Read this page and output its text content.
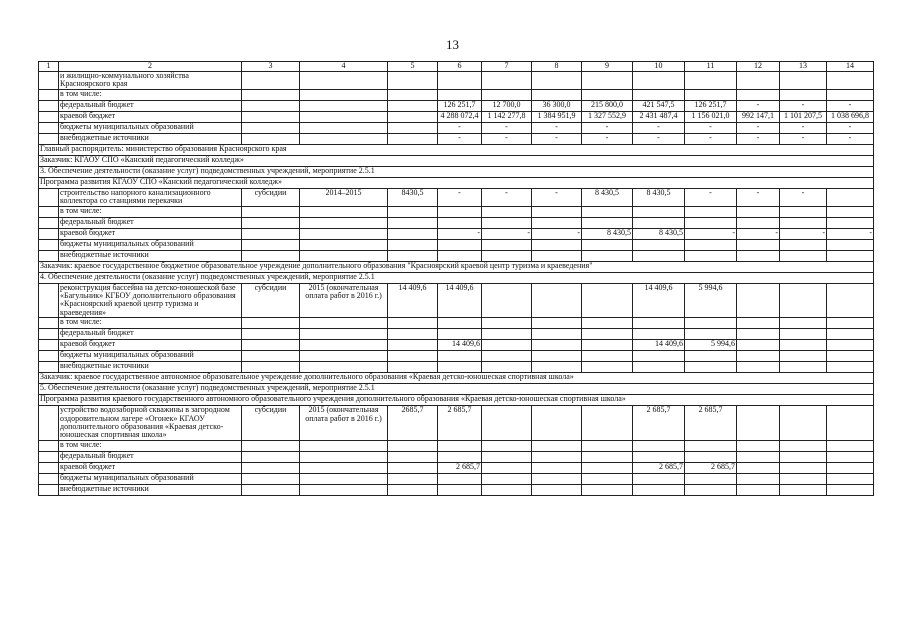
13
1	2	3	4	5	6	7	8	9	10	11	12	13	14
	и жилищно-коммунального хозяйства Красноярского края												
	в том числе:												
	федеральный бюджет				126 251,7	12 700,0	36 300,0	215 800,0	421 547,5	126 251,7	-	-	-
	краевой бюджет				4 288 072,4	1 142 277,8	1 384 951,9	1 327 552,9	2 431 487,4	1 156 021,0	992 147,1	1 101 207,5	1 038 696,8
	бюджеты муниципальных образований				-	-	-	-	-	-	-	-	-
	внебюджетные источники				-	-	-	-	-	-	-	-	-
Главный распорядитель: министерство образования Красноярского края													
Заказчик: КГАОУ СПО «Канский педагогический колледж»													
3. Обеспечение деятельности (оказание услуг) подведомственных учреждений, мероприятие 2.5.1													
Программа развития КГАОУ СПО «Канский педагогический колледж»													
	строительство напорного канализационного коллектора со станциями перекачки	субсидии	2014–2015	8430,5	-	-	-	8 430,5	8 430,5	-	-	-	
	в том числе:												
	федеральный бюджет												
	краевой бюджет				-	-	-	8 430,5	8 430,5	-	-	-	-
	бюджеты муниципальных образований												
	внебюджетные источники												
Заказчик: краевое государственное бюджетное образовательное учреждение дополнительного образования "Красноярский краевой центр туризма и краеведения"													
4. Обеспечение деятельности (оказание услуг) подведомственных учреждений, мероприятие 2.5.1													
	реконструкция бассейна на детско-юношеской базе «Багульник» КГБОУ дополнительного образования «Красноярский краевой центр туризма и краеведения»	субсидии	2015 (окончательная оплата работ в 2016 г.)	14 409,6	14 409,6				14 409,6	5 994,6			
	в том числе:												
	федеральный бюджет												
	краевой бюджет				14 409,6				14 409,6	5 994,6			
	бюджеты муниципальных образований												
	внебюджетные источники												
Заказчик: краевое государственное автономное образовательное учреждение дополнительного образования «Краевая детско-юношеская спортивная школа»													
5. Обеспечение деятельности (оказание услуг) подведомственных учреждений, мероприятие 2.5.1													
Программа развития краевого государственного автономного образовательного учреждения дополнительного образования «Краевая детско-юношеская спортивная школа»													
	устройство водозаборной скважины в загородном оздоровительном лагере «Огонек» КГАОУ дополнительного образования «Краевая детско-юношеская спортивная школа»	субсидии	2015 (окончательная оплата работ в 2016 г.)	2685,7	2 685,7				2 685,7	2 685,7			
	в том числе:												
	федеральный бюджет												
	краевой бюджет				2 685,7				2 685,7	2 685,7			
	бюджеты муниципальных образований												
	внебюджетные источники												
